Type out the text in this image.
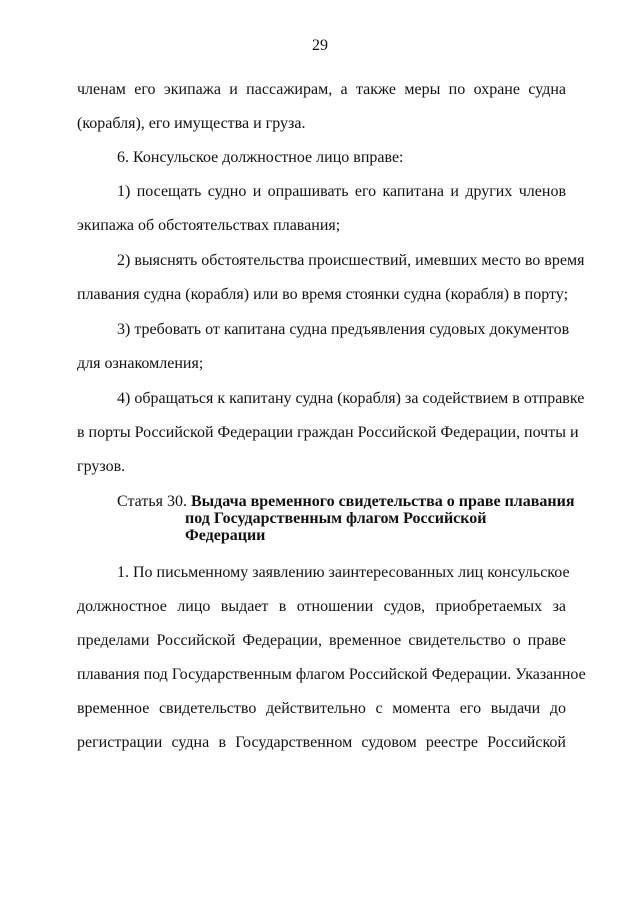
29
членам его экипажа и пассажирам, а также меры по охране судна
(корабля), его имущества и груза.
6. Консульское должностное лицо вправе:
1) посещать судно и опрашивать его капитана и других членов
экипажа об обстоятельствах плавания;
2) выяснять обстоятельства происшествий, имевших место во время
плавания судна (корабля) или во время стоянки судна (корабля) в порту;
3) требовать от капитана судна предъявления судовых документов
для ознакомления;
4) обращаться к капитану судна (корабля) за содействием в отправке
в порты Российской Федерации граждан Российской Федерации, почты и
грузов.
Статья 30. Выдача временного свидетельства о праве плавания
под Государственным флагом Российской
Федерации
1. По письменному заявлению заинтересованных лиц консульское
должностное лицо выдает в отношении судов, приобретаемых за
пределами Российской Федерации, временное свидетельство о праве
плавания под Государственным флагом Российской Федерации. Указанное
временное свидетельство действительно с момента его выдачи до
регистрации судна в Государственном судовом реестре Российской
